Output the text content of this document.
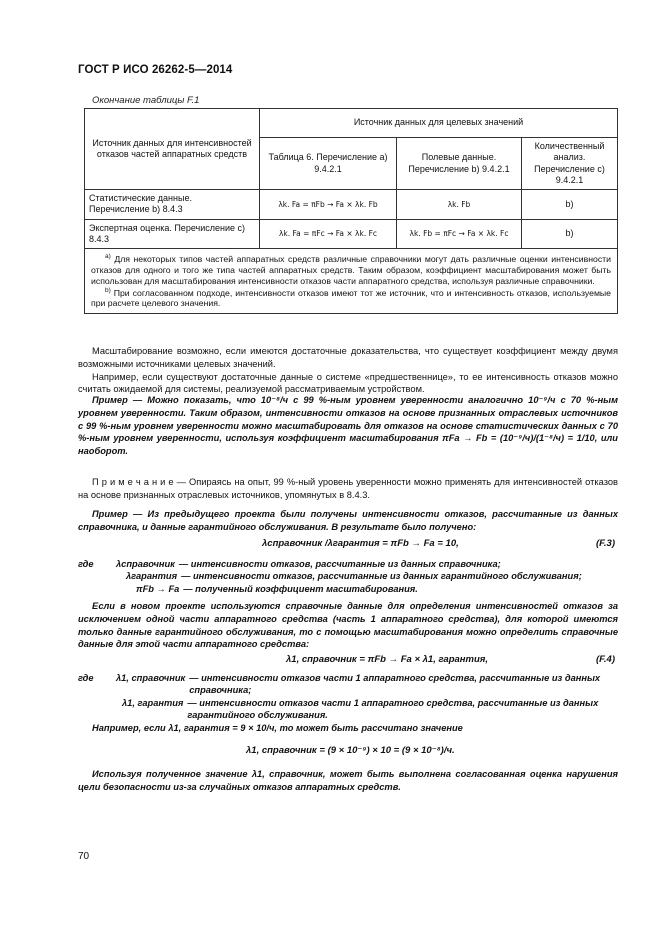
ГОСТ Р ИСО 26262-5—2014
Окончание таблицы F.1
Источник данных для интенсивностей отказов частей аппаратных средств	Источник данных для целевых значений		
	Таблица 6. Перечисление а) 9.4.2.1	Полевые данные. Перечисление b) 9.4.2.1	Количественный анализ. Перечисление с) 9.4.2.1
Статистические данные. Перечисление b) 8.4.3	λk. Fa = πFb → Fa × λk. Fb	λk. Fb	b)
Экспертная оценка. Перечисление с) 8.4.3	λk. Fa = πFc → Fa × λk. Fc	λk. Fb = πFc → Fa × λk. Fc	b)

$^{a)}$ Для некоторых типов частей аппаратных средств различные справочники могут дать различные оценки интенсивности отказов для одного и того же типа частей аппаратных средств. Таким образом, коэффициент масштабирования может быть использован для масштабирования интенсивности отказов части аппаратного средства, используя различные справочники.

$^{b)}$ При согласованном подходе, интенсивности отказов имеют тот же источник, что и интенсивность отказов, используемые при расчете целевого значения.			

Масштабирование возможно, если имеются достаточные доказательства, что существует коэффициент между двумя возможными источниками целевых значений.

Например, если существуют достаточные данные о системе «предшественнице», то ее интенсивность отказов можно считать ожидаемой для системы, реализуемой рассматриваемым устройством.

Пример — Можно показать, что 10⁻⁸/ч с 99 %-ным уровнем уверенности аналогично 10⁻⁹/ч с 70 %-ным уровнем уверенности. Таким образом, интенсивности отказов на основе признанных отраслевых источников с 99 %-ным уровнем уверенности можно масштабировать для отказов на основе статистических данных с 70 %-ным уровнем уверенности, используя коэффициент масштабирования πFa → Fb = (10⁻⁹/ч)/(1⁻⁸/ч) = 1/10, или наоборот.

П р и м е ч а н и е — Опираясь на опыт, 99 %-ный уровень уверенности можно применять для интенсивностей отказов на основе признанных отраслевых источников, упомянутых в 8.4.3.

Пример — Из предыдущего проекта были получены интенсивности отказов, рассчитанные из данных справочника, и данные гарантийного обслуживания. В результате было получено:

λсправочник /λгарантия = πFb → Fa = 10,	(F.3)
где	λсправочник — интенсивности отказов, рассчитанные из данных справочника;
λгарантия — интенсивности отказов, рассчитанные из данных гарантийного обслуживания;
πFb → Fa — полученный коэффициент масштабирования.

Если в новом проекте используются справочные данные для определения интенсивностей отказов за исключением одной части аппаратного средства (часть 1 аппаратного средства), для которой имеются только данные гарантийного обслуживания, то с помощью масштабирования можно определить справочные данные для этой части аппаратного средства:

λ1, справочник = πFb → Fa × λ1, гарантия,	(F.4)
где	λ1, справочник — интенсивности отказов части 1 аппаратного средства, рассчитанные из данных справочника;
λ1, гарантия — интенсивности отказов части 1 аппаратного средства, рассчитанные из данных гарантийного обслуживания.

Например, если λ1, гарантия = 9 × 10/ч, то может быть рассчитано значение

λ1, справочник = (9 × 10⁻⁹) × 10 = (9 × 10⁻⁸)/ч.

Используя полученное значение λ1, справочник, может быть выполнена согласованная оценка нарушения цели безопасности из-за случайных отказов аппаратных средств.

70
